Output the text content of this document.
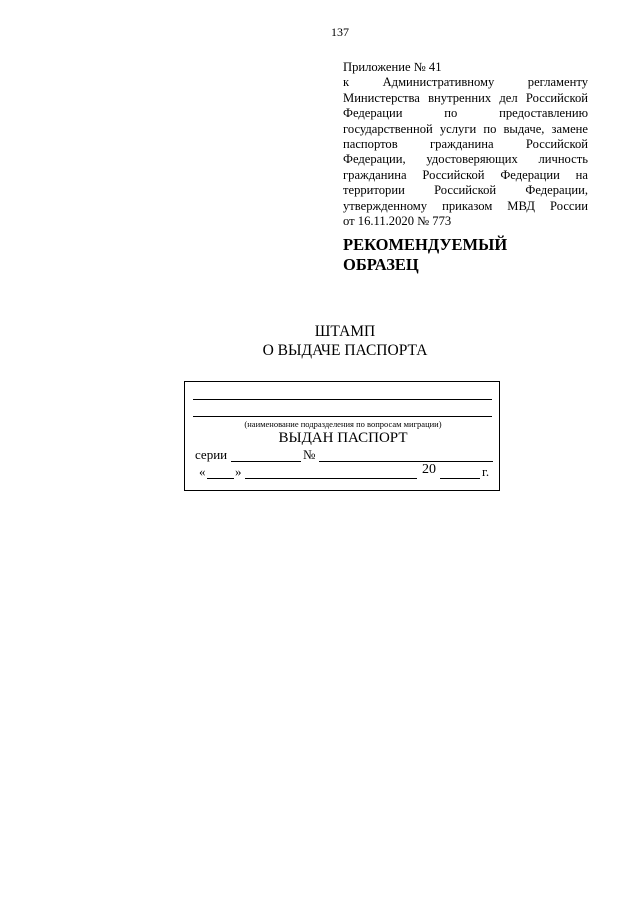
137
Приложение № 41
к Административному регламенту
Министерства внутренних дел Российской
Федерации по предоставлению
государственной услуги по выдаче, замене
паспортов гражданина Российской
Федерации, удостоверяющих личность
гражданина Российской Федерации на
территории Российской Федерации,
утвержденному приказом МВД России
от 16.11.2020 № 773
РЕКОМЕНДУЕМЫЙ
ОБРАЗЕЦ
ШТАМП
О ВЫДАЧЕ ПАСПОРТА
(наименование подразделения по вопросам миграции)
ВЫДАН ПАСПОРТ
серии	№
« »	20	г.
